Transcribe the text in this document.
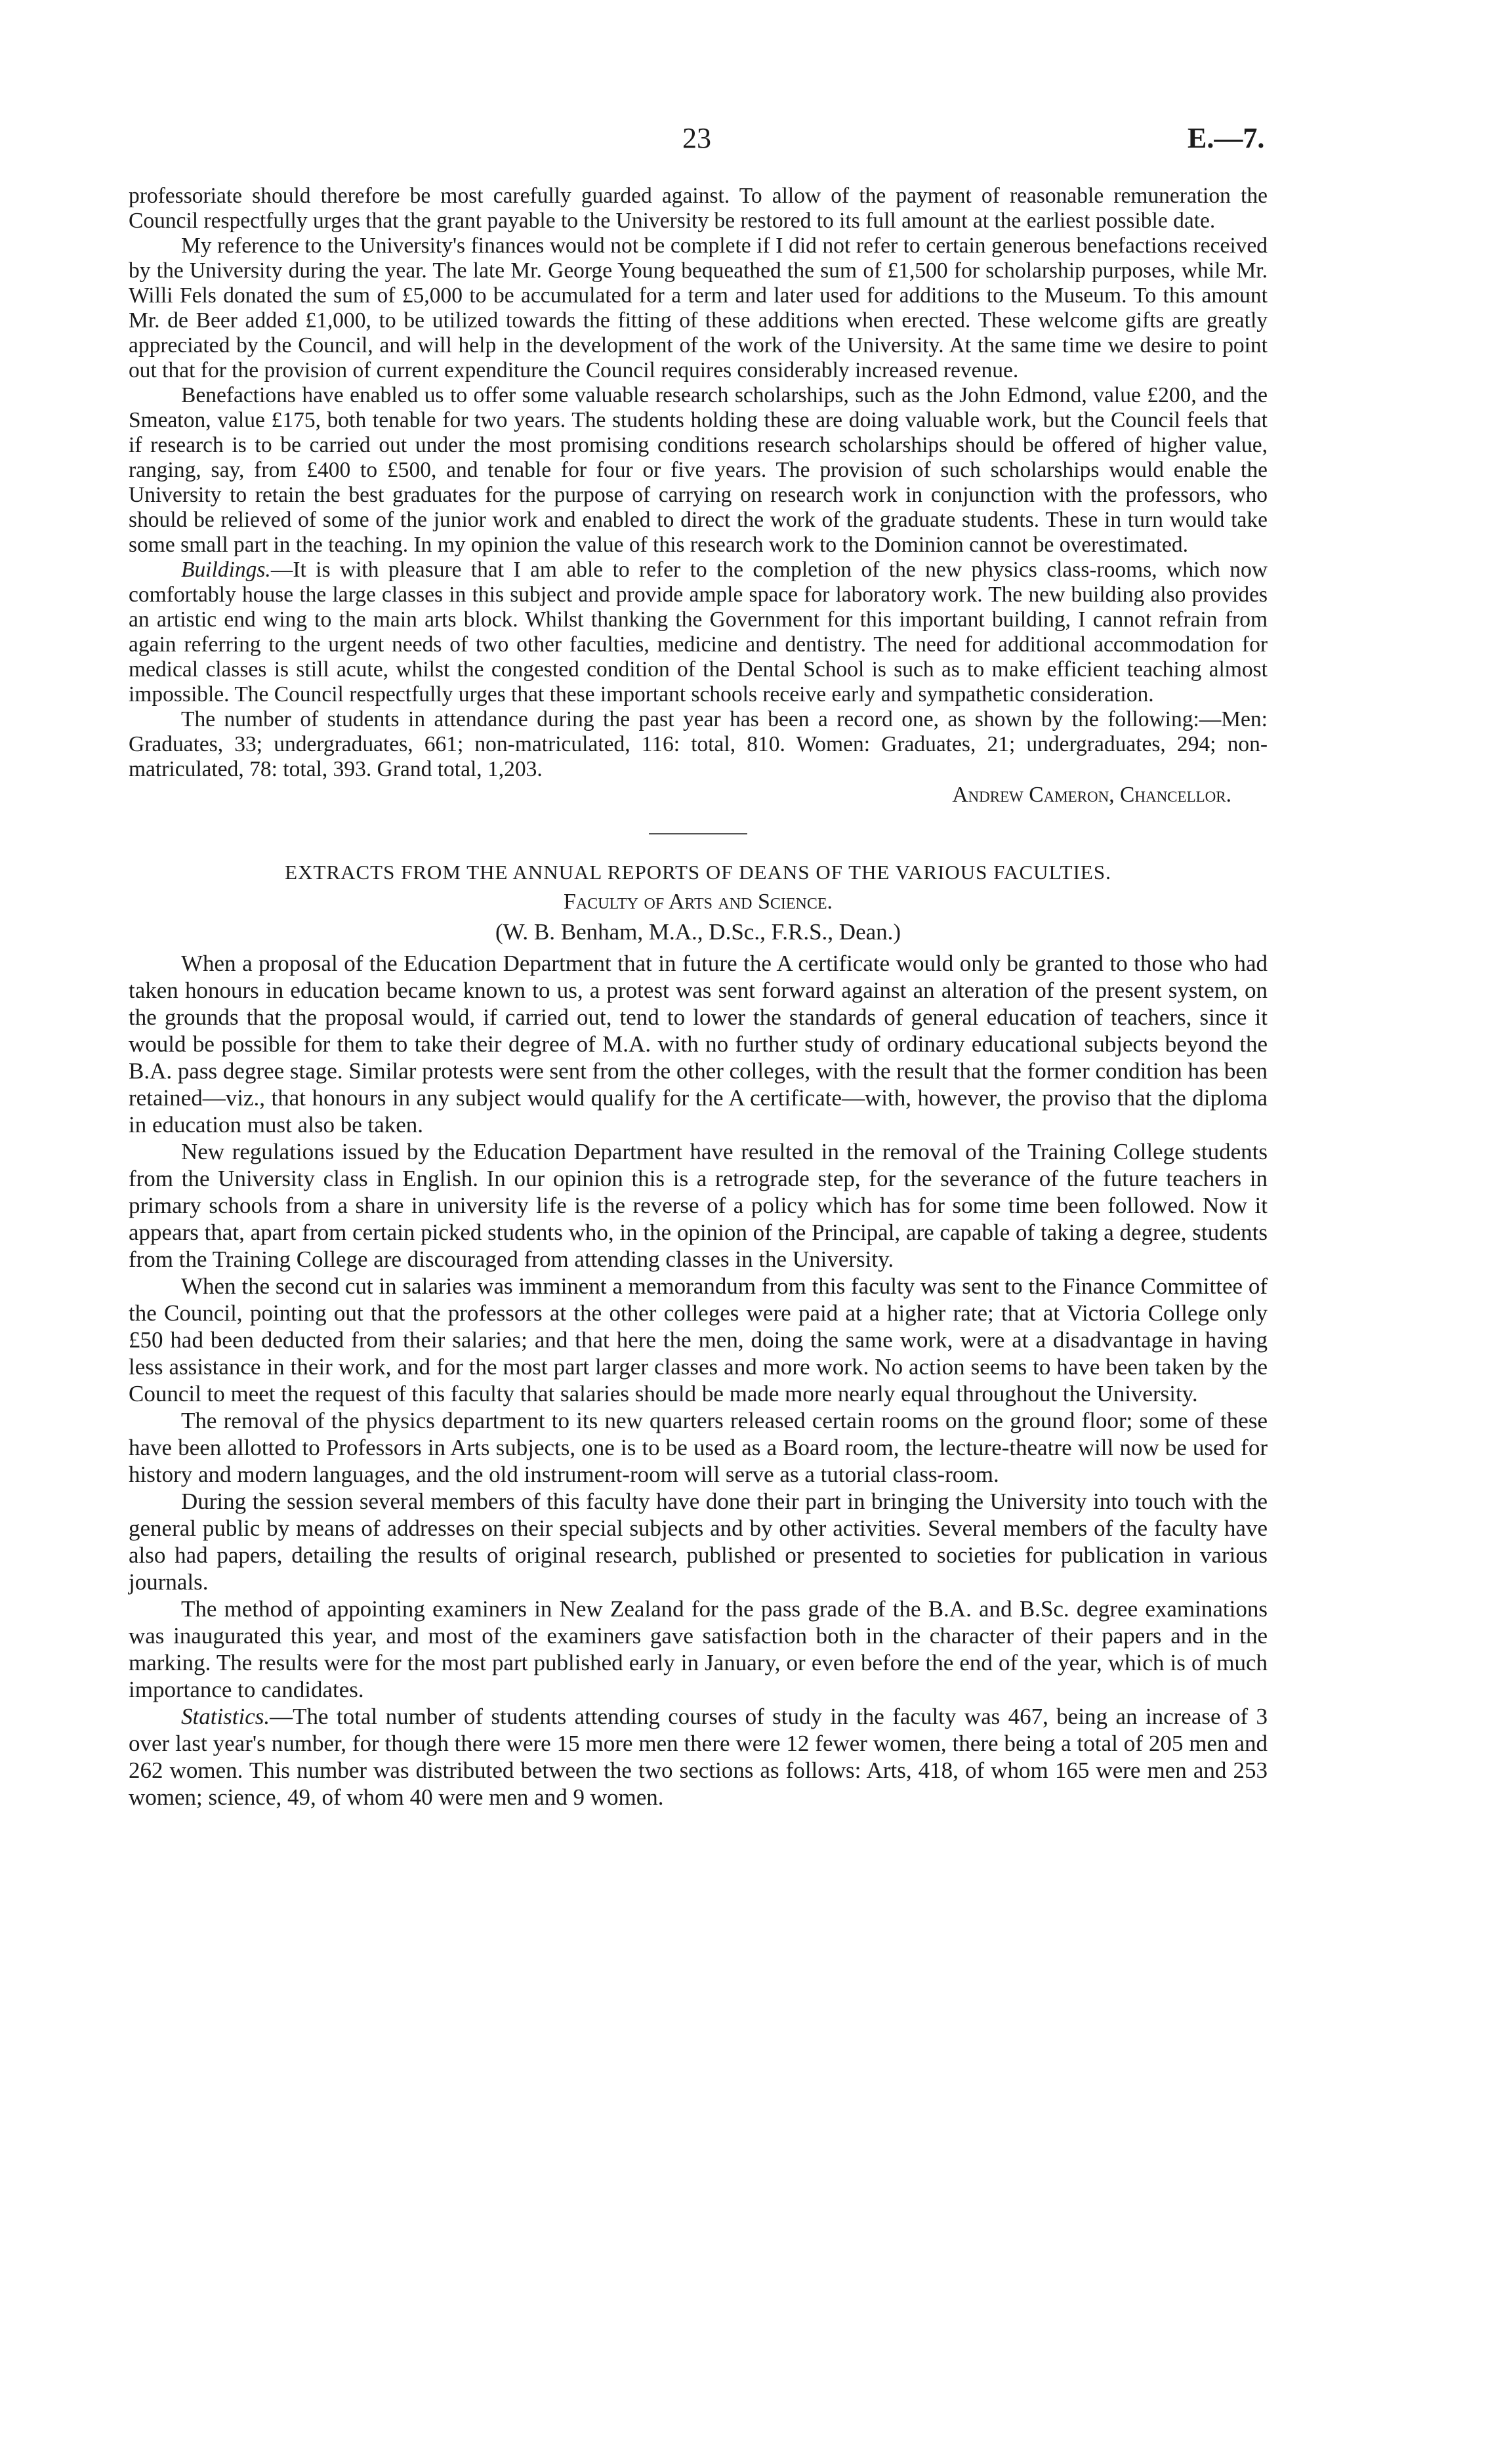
23	E.—7.

professoriate should therefore be most carefully guarded against. To allow of the payment of reasonable remuneration the Council respectfully urges that the grant payable to the University be restored to its full amount at the earliest possible date.

My reference to the University's finances would not be complete if I did not refer to certain generous benefactions received by the University during the year. The late Mr. George Young bequeathed the sum of £1,500 for scholarship purposes, while Mr. Willi Fels donated the sum of £5,000 to be accumulated for a term and later used for additions to the Museum. To this amount Mr. de Beer added £1,000, to be utilized towards the fitting of these additions when erected. These welcome gifts are greatly appreciated by the Council, and will help in the development of the work of the University. At the same time we desire to point out that for the provision of current expenditure the Council requires considerably increased revenue.

Benefactions have enabled us to offer some valuable research scholarships, such as the John Edmond, value £200, and the Smeaton, value £175, both tenable for two years. The students holding these are doing valuable work, but the Council feels that if research is to be carried out under the most promising conditions research scholarships should be offered of higher value, ranging, say, from £400 to £500, and tenable for four or five years. The provision of such scholarships would enable the University to retain the best graduates for the purpose of carrying on research work in conjunction with the professors, who should be relieved of some of the junior work and enabled to direct the work of the graduate students. These in turn would take some small part in the teaching. In my opinion the value of this research work to the Dominion cannot be overestimated.

Buildings.—It is with pleasure that I am able to refer to the completion of the new physics class-rooms, which now comfortably house the large classes in this subject and provide ample space for laboratory work. The new building also provides an artistic end wing to the main arts block. Whilst thanking the Government for this important building, I cannot refrain from again referring to the urgent needs of two other faculties, medicine and dentistry. The need for additional accommodation for medical classes is still acute, whilst the congested condition of the Dental School is such as to make efficient teaching almost impossible. The Council respectfully urges that these important schools receive early and sympathetic consideration.

The number of students in attendance during the past year has been a record one, as shown by the following:—Men: Graduates, 33; undergraduates, 661; non-matriculated, 116: total, 810. Women: Graduates, 21; undergraduates, 294; non-matriculated, 78: total, 393. Grand total, 1,203.

Andrew Cameron, Chancellor.

EXTRACTS FROM THE ANNUAL REPORTS OF DEANS OF THE VARIOUS FACULTIES.

Faculty of Arts and Science.

(W. B. Benham, M.A., D.Sc., F.R.S., Dean.)

When a proposal of the Education Department that in future the A certificate would only be granted to those who had taken honours in education became known to us, a protest was sent forward against an alteration of the present system, on the grounds that the proposal would, if carried out, tend to lower the standards of general education of teachers, since it would be possible for them to take their degree of M.A. with no further study of ordinary educational subjects beyond the B.A. pass degree stage. Similar protests were sent from the other colleges, with the result that the former condition has been retained—viz., that honours in any subject would qualify for the A certificate—with, however, the proviso that the diploma in education must also be taken.

New regulations issued by the Education Department have resulted in the removal of the Training College students from the University class in English. In our opinion this is a retrograde step, for the severance of the future teachers in primary schools from a share in university life is the reverse of a policy which has for some time been followed. Now it appears that, apart from certain picked students who, in the opinion of the Principal, are capable of taking a degree, students from the Training College are discouraged from attending classes in the University.

When the second cut in salaries was imminent a memorandum from this faculty was sent to the Finance Committee of the Council, pointing out that the professors at the other colleges were paid at a higher rate; that at Victoria College only £50 had been deducted from their salaries; and that here the men, doing the same work, were at a disadvantage in having less assistance in their work, and for the most part larger classes and more work. No action seems to have been taken by the Council to meet the request of this faculty that salaries should be made more nearly equal throughout the University.

The removal of the physics department to its new quarters released certain rooms on the ground floor; some of these have been allotted to Professors in Arts subjects, one is to be used as a Board room, the lecture-theatre will now be used for history and modern languages, and the old instrument-room will serve as a tutorial class-room.

During the session several members of this faculty have done their part in bringing the University into touch with the general public by means of addresses on their special subjects and by other activities. Several members of the faculty have also had papers, detailing the results of original research, published or presented to societies for publication in various journals.

The method of appointing examiners in New Zealand for the pass grade of the B.A. and B.Sc. degree examinations was inaugurated this year, and most of the examiners gave satisfaction both in the character of their papers and in the marking. The results were for the most part published early in January, or even before the end of the year, which is of much importance to candidates.

Statistics.—The total number of students attending courses of study in the faculty was 467, being an increase of 3 over last year's number, for though there were 15 more men there were 12 fewer women, there being a total of 205 men and 262 women. This number was distributed between the two sections as follows: Arts, 418, of whom 165 were men and 253 women; science, 49, of whom 40 were men and 9 women.
